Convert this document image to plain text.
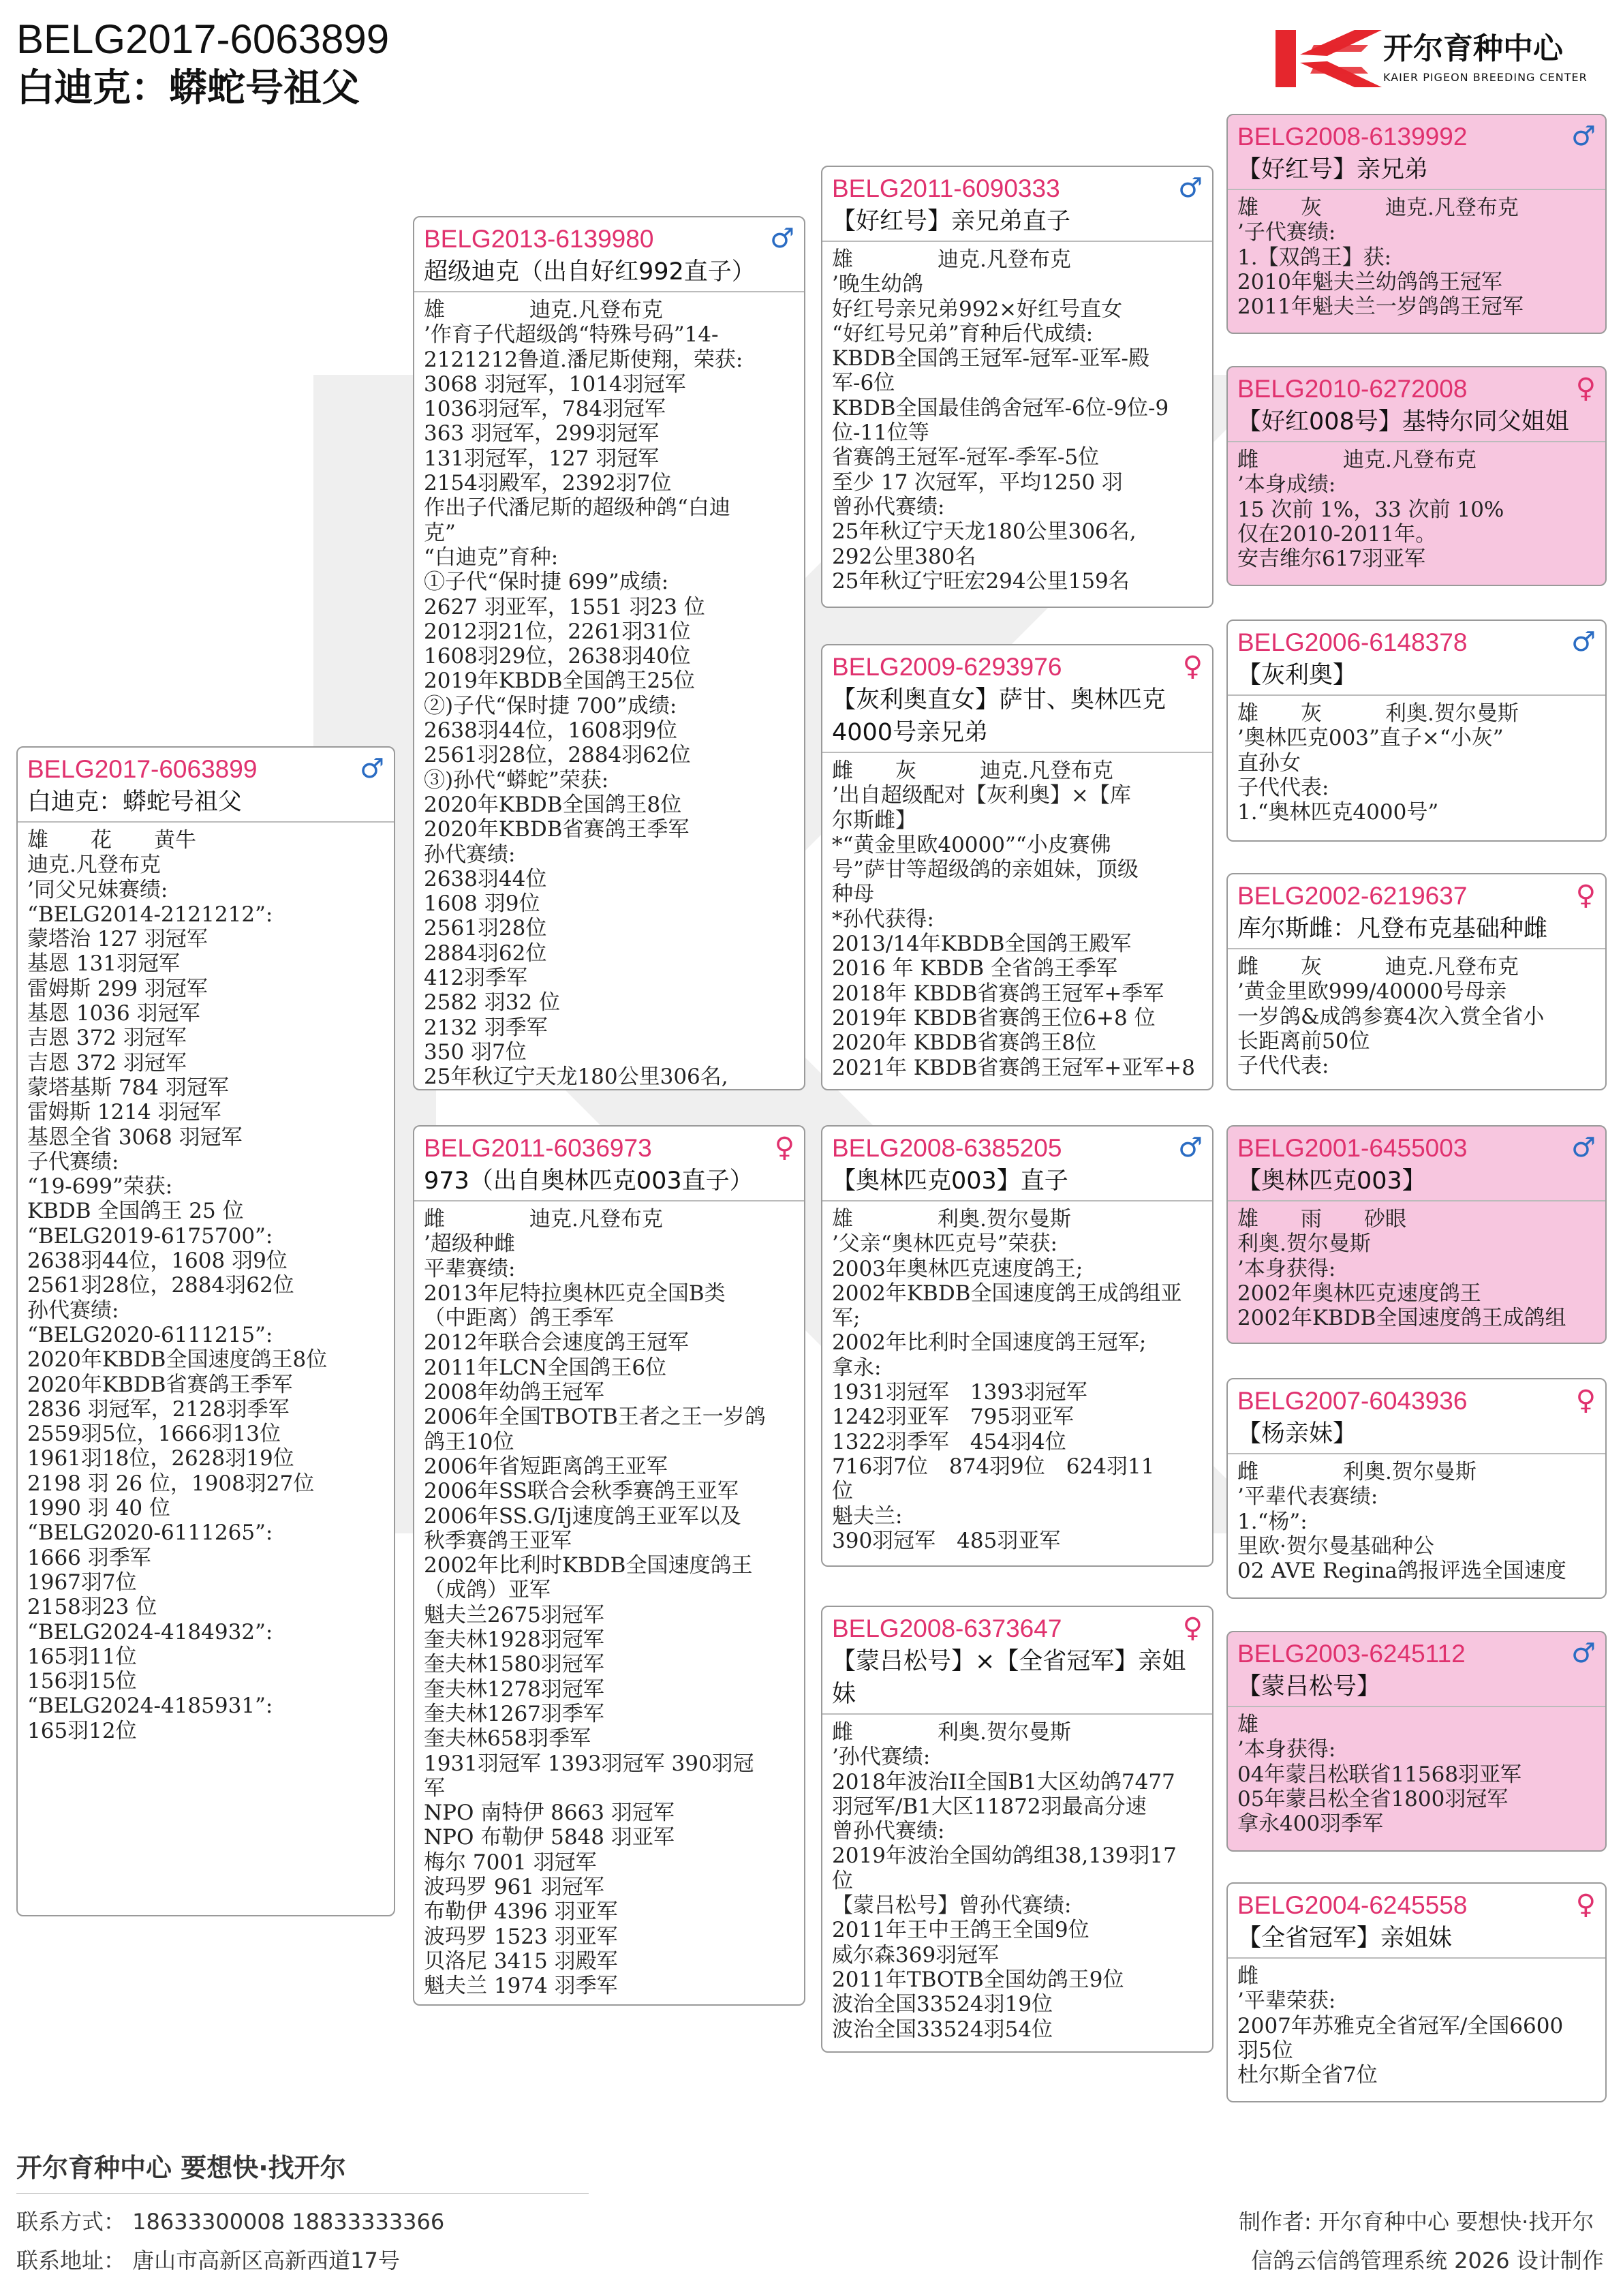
BELG2017-6063899
白迪克：蟒蛇号祖父
开尔育种中心
KAIER PIGEON BREEDING CENTER
BELG2017-6063899	♂
白迪克：蟒蛇号祖父
雄　　花　　黄牛
迪克.凡登布克
’同父兄妹赛绩:
“BELG2014-2121212”:
蒙塔治 127 羽冠军
基恩 131羽冠军
雷姆斯 299 羽冠军
基恩 1036 羽冠军
吉恩 372 羽冠军
吉恩 372 羽冠军
蒙塔基斯 784 羽冠军
雷姆斯 1214 羽冠军
基恩全省 3068 羽冠军
子代赛绩:
“19-699”荣获:
KBDB 全国鸽王 25 位
“BELG2019-6175700”:
2638羽44位，1608 羽9位
2561羽28位，2884羽62位
孙代赛绩:
“BELG2020-6111215”:
2020年KBDB全国速度鸽王8位
2020年KBDB省赛鸽王季军
2836 羽冠军，2128羽季军
2559羽5位，1666羽13位
1961羽18位，2628羽19位
2198 羽 26 位，1908羽27位
1990 羽 40 位
“BELG2020-6111265”:
1666 羽季军
1967羽7位
2158羽23 位
“BELG2024-4184932”:
165羽11位
156羽15位
“BELG2024-4185931”:
165羽12位
BELG2013-6139980	♂
超级迪克（出自好红992直子）
雄　　　　迪克.凡登布克
’作育子代超级鸽“特殊号码”14-
2121212鲁道.潘尼斯使翔，荣获:
3068 羽冠军，1014羽冠军
1036羽冠军，784羽冠军
363 羽冠军，299羽冠军
131羽冠军，127 羽冠军
2154羽殿军，2392羽7位
作出子代潘尼斯的超级种鸽“白迪
克”
“白迪克”育种:
①子代“保时捷 699”成绩:
2627 羽亚军，1551 羽23 位
2012羽21位，2261羽31位
1608羽29位，2638羽40位
2019年KBDB全国鸽王25位
②)子代“保时捷 700”成绩:
2638羽44位，1608羽9位
2561羽28位，2884羽62位
③)孙代“蟒蛇”荣获:
2020年KBDB全国鸽王8位
2020年KBDB省赛鸽王季军
孙代赛绩:
2638羽44位
1608 羽9位
2561羽28位
2884羽62位
412羽季军
2582 羽32 位
2132 羽季军
350 羽7位
25年秋辽宁天龙180公里306名,
BELG2011-6036973	♀
973（出自奥林匹克003直子）
雌　　　　迪克.凡登布克
’超级种雌
平辈赛绩:
2013年尼特拉奥林匹克全国B类
（中距离）鸽王季军
2012年联合会速度鸽王冠军
2011年LCN全国鸽王6位
2008年幼鸽王冠军
2006年全国TBOTB王者之王一岁鸽
鸽王10位
2006年省短距离鸽王亚军
2006年SS联合会秋季赛鸽王亚军
2006年SS.G/Ij速度鸽王亚军以及
秋季赛鸽王亚军
2002年比利时KBDB全国速度鸽王
（成鸽）亚军
魁夫兰2675羽冠军
奎夫林1928羽冠军
奎夫林1580羽冠军
奎夫林1278羽冠军
奎夫林1267羽季军
奎夫林658羽季军
1931羽冠军 1393羽冠军 390羽冠
军
NPO 南特伊 8663 羽冠军
NPO 布勒伊 5848 羽亚军
梅尔 7001 羽冠军
波玛罗 961 羽冠军
布勒伊 4396 羽亚军
波玛罗 1523 羽亚军
贝洛尼 3415 羽殿军
魁夫兰 1974 羽季军
BELG2011-6090333	♂
【好红号】亲兄弟直子
雄　　　　迪克.凡登布克
’晚生幼鸽
好红号亲兄弟992×好红号直女
“好红号兄弟”育种后代成绩:
KBDB全国鸽王冠军-冠军-亚军-殿
军-6位
KBDB全国最佳鸽舍冠军-6位-9位-9
位-11位等
省赛鸽王冠军-冠军-季军-5位
至少 17 次冠军，平均1250 羽
曾孙代赛绩:
25年秋辽宁天龙180公里306名,
292公里380名
25年秋辽宁旺宏294公里159名
BELG2009-6293976	♀
【灰利奥直女】萨甘、奥林匹克4000号亲兄弟
雌　　灰　　　迪克.凡登布克
’出自超级配对【灰利奥】×【库
尔斯雌】
*“黄金里欧40000”“小皮赛佛
号”萨甘等超级鸽的亲姐妹，顶级
种母
*孙代获得:
2013/14年KBDB全国鸽王殿军
2016 年 KBDB 全省鸽王季军
2018年 KBDB省赛鸽王冠军+季军
2019年 KBDB省赛鸽王位6+8 位
2020年 KBDB省赛鸽王8位
2021年 KBDB省赛鸽王冠军+亚军+8
BELG2008-6385205	♂
【奥林匹克003】直子
雄　　　　利奥.贺尔曼斯
’父亲“奥林匹克号”荣获:
2003年奥林匹克速度鸽王;
2002年KBDB全国速度鸽王成鸽组亚
军;
2002年比利时全国速度鸽王冠军;
拿永:
1931羽冠军　1393羽冠军
1242羽亚军　795羽亚军
1322羽季军　454羽4位
716羽7位　874羽9位　624羽11
位
魁夫兰:
390羽冠军　485羽亚军
BELG2008-6373647	♀
【蒙吕松号】×【全省冠军】亲姐妹
雌　　　　利奥.贺尔曼斯
’孙代赛绩:
2018年波治II全国B1大区幼鸽7477
羽冠军/B1大区11872羽最高分速
曾孙代赛绩:
2019年波治全国幼鸽组38,139羽17
位
【蒙吕松号】曾孙代赛绩:
2011年王中王鸽王全国9位
威尔森369羽冠军
2011年TBOTB全国幼鸽王9位
波治全国33524羽19位
波治全国33524羽54位
BELG2008-6139992	♂
【好红号】亲兄弟
雄　　灰　　　迪克.凡登布克
’子代赛绩:
1.【双鸽王】获:
2010年魁夫兰幼鸽鸽王冠军
2011年魁夫兰一岁鸽鸽王冠军
BELG2010-6272008	♀
【好红008号】基特尔同父姐姐
雌　　　　迪克.凡登布克
’本身成绩:
15 次前 1%，33 次前 10%
仅在2010-2011年。
安吉维尔617羽亚军
BELG2006-6148378	♂
【灰利奥】
雄　　灰　　　利奥.贺尔曼斯
’奥林匹克003”直子×“小灰”
直孙女
子代代表:
1.“奥林匹克4000号”
BELG2002-6219637	♀
库尔斯雌：凡登布克基础种雌
雌　　灰　　　迪克.凡登布克
’黄金里欧999/40000号母亲
一岁鸽&成鸽参赛4次入赏全省小
长距离前50位
子代代表:
BELG2001-6455003	♂
【奥林匹克003】
雄　　雨　　砂眼
利奥.贺尔曼斯
’本身获得:
2002年奥林匹克速度鸽王
2002年KBDB全国速度鸽王成鸽组
BELG2007-6043936	♀
【杨亲妹】
雌　　　　利奥.贺尔曼斯
’平辈代表赛绩:
1.“杨”:
里欧·贺尔曼基础种公
02 AVE Regina鸽报评选全国速度
BELG2003-6245112	♂
【蒙吕松号】
雄
’本身获得:
04年蒙吕松联省11568羽亚军
05年蒙吕松全省1800羽冠军
拿永400羽季军
BELG2004-6245558	♀
【全省冠军】亲姐妹
雌
’平辈荣获:
2007年苏雅克全省冠军/全国6600
羽5位
杜尔斯全省7位
开尔育种中心 要想快·找开尔
联系方式： 18633300008 18833333366
联系地址： 唐山市高新区高新西道17号
制作者: 开尔育种中心 要想快·找开尔
信鸽云信鸽管理系统 2026 设计制作
